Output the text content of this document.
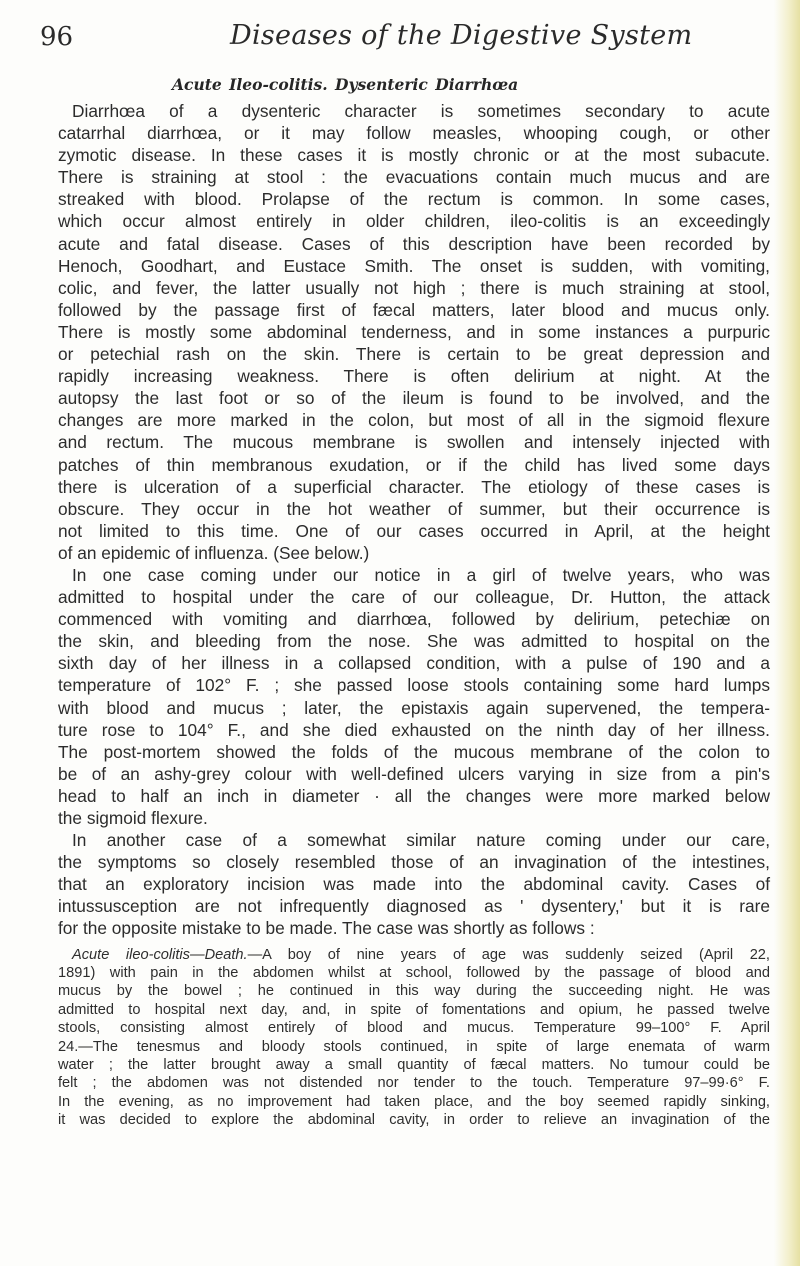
96	Diseases of the Digestive System
Acute Ileo-colitis. Dysenteric Diarrhœa
Diarrhœa of a dysenteric character is sometimes secondary to acute
catarrhal diarrhœa, or it may follow measles, whooping cough, or other
zymotic disease. In these cases it is mostly chronic or at the most subacute.
There is straining at stool : the evacuations contain much mucus and are
streaked with blood. Prolapse of the rectum is common. In some cases,
which occur almost entirely in older children, ileo-colitis is an exceedingly
acute and fatal disease. Cases of this description have been recorded by
Henoch, Goodhart, and Eustace Smith. The onset is sudden, with vomiting,
colic, and fever, the latter usually not high ; there is much straining at stool,
followed by the passage first of fæcal matters, later blood and mucus only.
There is mostly some abdominal tenderness, and in some instances a purpuric
or petechial rash on the skin. There is certain to be great depression and
rapidly increasing weakness. There is often delirium at night. At the
autopsy the last foot or so of the ileum is found to be involved, and the
changes are more marked in the colon, but most of all in the sigmoid flexure
and rectum. The mucous membrane is swollen and intensely injected with
patches of thin membranous exudation, or if the child has lived some days
there is ulceration of a superficial character. The etiology of these cases is
obscure. They occur in the hot weather of summer, but their occurrence is
not limited to this time. One of our cases occurred in April, at the height
of an epidemic of influenza. (See below.)
In one case coming under our notice in a girl of twelve years, who was
admitted to hospital under the care of our colleague, Dr. Hutton, the attack
commenced with vomiting and diarrhœa, followed by delirium, petechiæ on
the skin, and bleeding from the nose. She was admitted to hospital on the
sixth day of her illness in a collapsed condition, with a pulse of 190 and a
temperature of 102° F. ; she passed loose stools containing some hard lumps
with blood and mucus ; later, the epistaxis again supervened, the tempera-
ture rose to 104° F., and she died exhausted on the ninth day of her illness.
The post-mortem showed the folds of the mucous membrane of the colon to
be of an ashy-grey colour with well-defined ulcers varying in size from a pin's
head to half an inch in diameter · all the changes were more marked below
the sigmoid flexure.
In another case of a somewhat similar nature coming under our care,
the symptoms so closely resembled those of an invagination of the intestines,
that an exploratory incision was made into the abdominal cavity. Cases of
intussusception are not infrequently diagnosed as ' dysentery,' but it is rare
for the opposite mistake to be made. The case was shortly as follows :
Acute ileo-colitis—Death.—A boy of nine years of age was suddenly seized (April 22,
1891) with pain in the abdomen whilst at school, followed by the passage of blood and
mucus by the bowel ; he continued in this way during the succeeding night. He was
admitted to hospital next day, and, in spite of fomentations and opium, he passed twelve
stools, consisting almost entirely of blood and mucus. Temperature 99–100° F. April
24.—The tenesmus and bloody stools continued, in spite of large enemata of warm
water ; the latter brought away a small quantity of fæcal matters. No tumour could be
felt ; the abdomen was not distended nor tender to the touch. Temperature 97–99·6° F.
In the evening, as no improvement had taken place, and the boy seemed rapidly sinking,
it was decided to explore the abdominal cavity, in order to relieve an invagination of the
